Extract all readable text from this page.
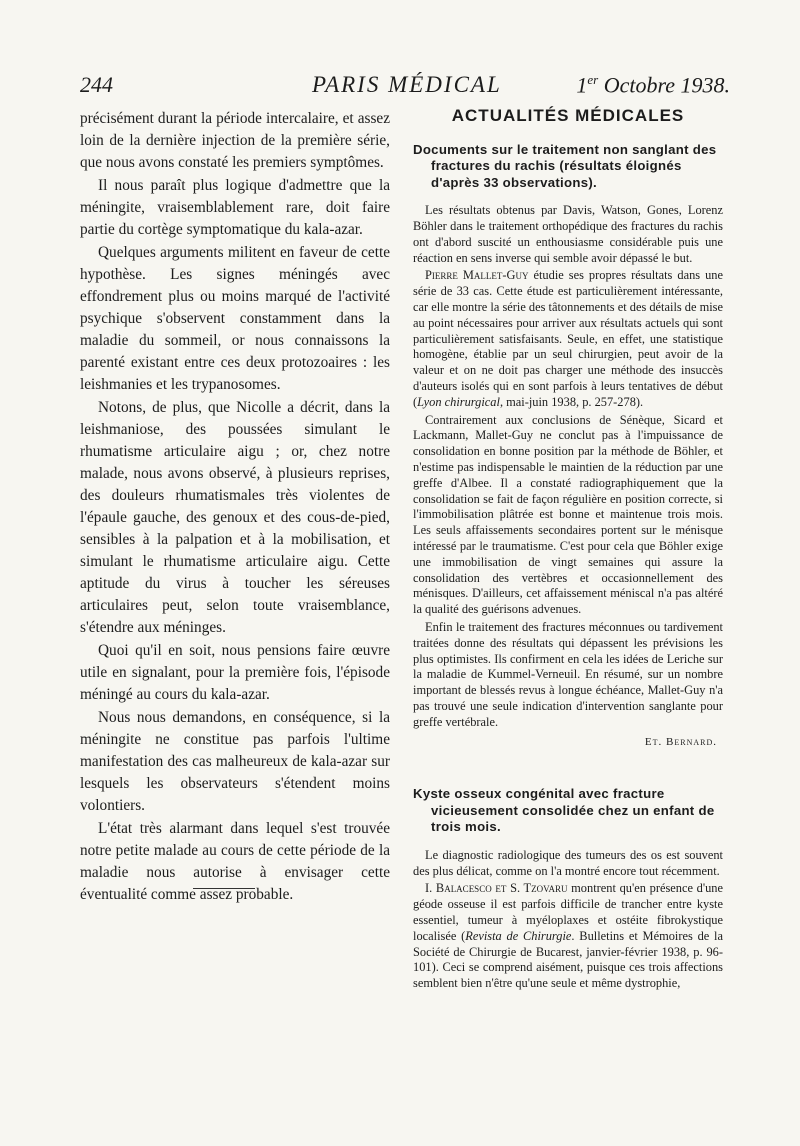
244	PARIS MÉDICAL	1er Octobre 1938.

précisément durant la période intercalaire, et assez loin de la dernière injection de la première série, que nous avons constaté les premiers symptômes.

Il nous paraît plus logique d'admettre que la méningite, vraisemblablement rare, doit faire partie du cortège symptomatique du kala-azar.

Quelques arguments militent en faveur de cette hypothèse. Les signes méningés avec effondrement plus ou moins marqué de l'activité psychique s'observent constamment dans la maladie du sommeil, or nous connaissons la parenté existant entre ces deux protozoaires : les leishmanies et les trypanosomes.

Notons, de plus, que Nicolle a décrit, dans la leishmaniose, des poussées simulant le rhumatisme articulaire aigu ; or, chez notre malade, nous avons observé, à plusieurs reprises, des douleurs rhumatismales très violentes de l'épaule gauche, des genoux et des cous-de-pied, sensibles à la palpation et à la mobilisation, et simulant le rhumatisme articulaire aigu. Cette aptitude du virus à toucher les séreuses articulaires peut, selon toute vraisemblance, s'étendre aux méninges.

Quoi qu'il en soit, nous pensions faire œuvre utile en signalant, pour la première fois, l'épisode méningé au cours du kala-azar.

Nous nous demandons, en conséquence, si la méningite ne constitue pas parfois l'ultime manifestation des cas malheureux de kala-azar sur lesquels les observateurs s'étendent moins volontiers.

L'état très alarmant dans lequel s'est trouvée notre petite malade au cours de cette période de la maladie nous autorise à envisager cette éventualité comme assez probable.

ACTUALITÉS MÉDICALES
Documents sur le traitement non sanglant des fractures du rachis (résultats éloignés d'après 33 observations).

Les résultats obtenus par Davis, Watson, Gones, Lorenz Böhler dans le traitement orthopédique des fractures du rachis ont d'abord suscité un enthousiasme considérable puis une réaction en sens inverse qui semble avoir dépassé le but.

Pierre Mallet-Guy étudie ses propres résultats dans une série de 33 cas. Cette étude est particulièrement intéressante, car elle montre la série des tâtonnements et des détails de mise au point nécessaires pour arriver aux résultats actuels qui sont particulièrement satisfaisants. Seule, en effet, une statistique homogène, établie par un seul chirurgien, peut avoir de la valeur et on ne doit pas charger une méthode des insuccès d'auteurs isolés qui en sont parfois à leurs tentatives de début (Lyon chirurgical, mai-juin 1938, p. 257-278).

Contrairement aux conclusions de Sénèque, Sicard et Lackmann, Mallet-Guy ne conclut pas à l'impuissance de consolidation en bonne position par la méthode de Böhler, et n'estime pas indispensable le maintien de la réduction par une greffe d'Albee. Il a constaté radiographiquement que la consolidation se fait de façon régulière en position correcte, si l'immobilisation plâtrée est bonne et maintenue trois mois. Les seuls affaissements secondaires portent sur le ménisque intéressé par le traumatisme. C'est pour cela que Böhler exige une immobilisation de vingt semaines qui assure la consolidation des vertèbres et occasionnellement des ménisques. D'ailleurs, cet affaissement méniscal n'a pas altéré la qualité des guérisons advenues.

Enfin le traitement des fractures méconnues ou tardivement traitées donne des résultats qui dépassent les prévisions les plus optimistes. Ils confirment en cela les idées de Leriche sur la maladie de Kummel-Verneuil. En résumé, sur un nombre important de blessés revus à longue échéance, Mallet-Guy n'a pas trouvé une seule indication d'intervention sanglante pour greffe vertébrale.

Et. Bernard.
Kyste osseux congénital avec fracture vicieusement consolidée chez un enfant de trois mois.

Le diagnostic radiologique des tumeurs des os est souvent des plus délicat, comme on l'a montré encore tout récemment.

I. Balacesco et S. Tzovaru montrent qu'en présence d'une géode osseuse il est parfois difficile de trancher entre kyste essentiel, tumeur à myéloplaxes et ostéite fibrokystique localisée (Revista de Chirurgie. Bulletins et Mémoires de la Société de Chirurgie de Bucarest, janvier-février 1938, p. 96-101). Ceci se comprend aisément, puisque ces trois affections semblent bien n'être qu'une seule et même dystrophie,
